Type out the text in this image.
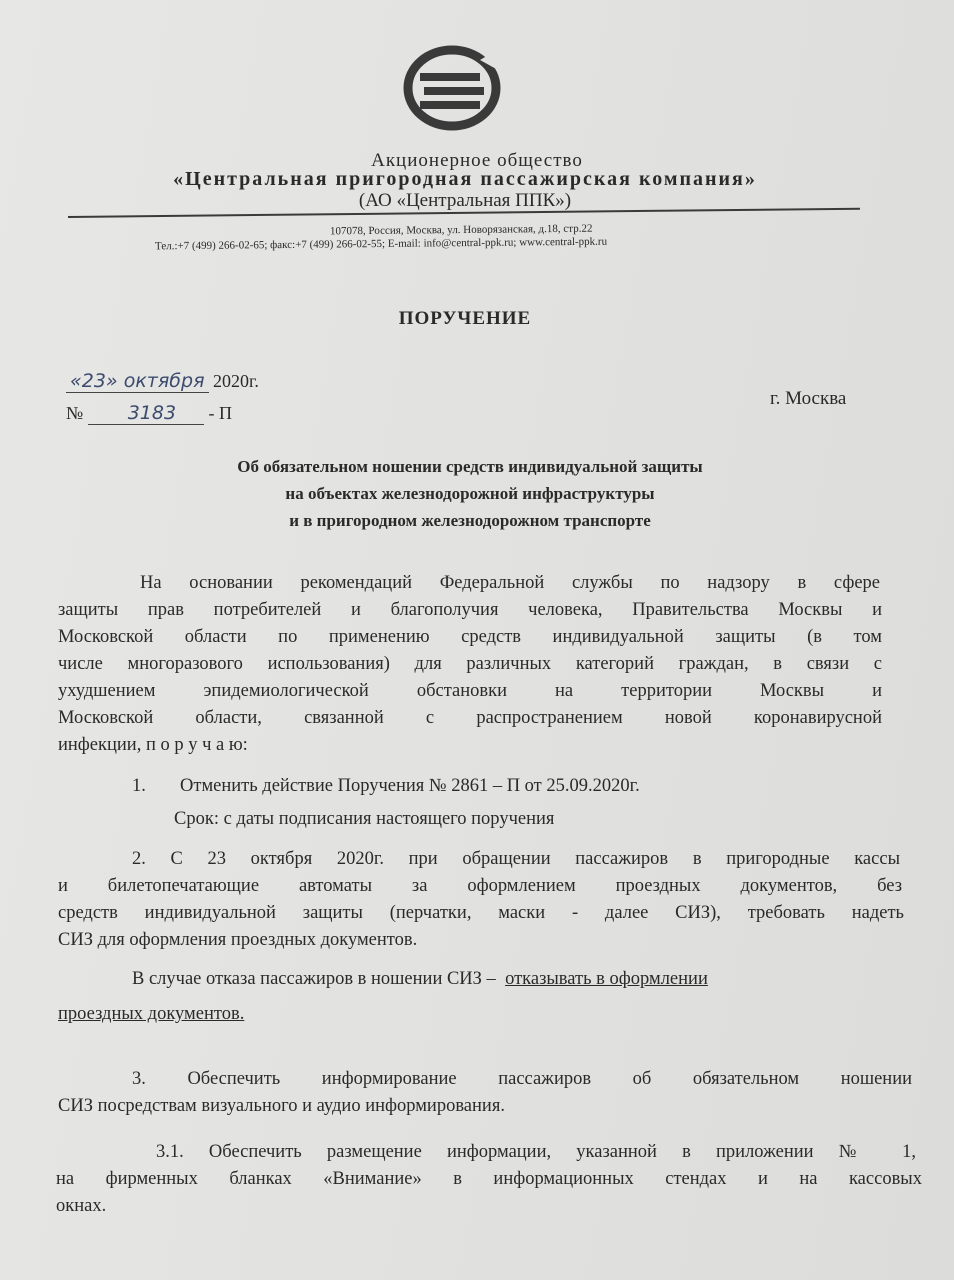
Акционерное общество
«Центральная пригородная пассажирская компания»
(АО «Центральная ППК»)
107078, Россия, Москва, ул. Новорязанская, д.18, стр.22
Тел.:+7 (499) 266-02-65; факс:+7 (499) 266-02-55; E-mail: info@central-ppk.ru; www.central-ppk.ru
ПОРУЧЕНИЕ
«23» октября 2020г.
№ 3183 - П
г. Москва
Об обязательном ношении средств индивидуальной защиты
на объектах железнодорожной инфраструктуры
и в пригородном железнодорожном транспорте
На основании рекомендаций Федеральной службы по надзору в сфере
защиты прав потребителей и благополучия человека, Правительства Москвы и
Московской области по применению средств индивидуальной защиты (в том
числе многоразового использования) для различных категорий граждан, в связи с
ухудшением эпидемиологической обстановки на территории Москвы и
Московской области, связанной с распространением новой коронавирусной
инфекции, п о р у ч а ю:
1. Отменить действие Поручения № 2861 – П от 25.09.2020г.
Срок: с даты подписания настоящего поручения
2. С 23 октября 2020г. при обращении пассажиров в пригородные кассы
и билетопечатающие автоматы за оформлением проездных документов, без
средств индивидуальной защиты (перчатки, маски - далее СИЗ), требовать надеть
СИЗ для оформления проездных документов.
В случае отказа пассажиров в ношении СИЗ – отказывать в оформлении
проездных документов.
3. Обеспечить информирование пассажиров об обязательном ношении
СИЗ посредствам визуального и аудио информирования.
3.1. Обеспечить размещение информации, указанной в приложении № 1,
на фирменных бланках «Внимание» в информационных стендах и на кассовых
окнах.
